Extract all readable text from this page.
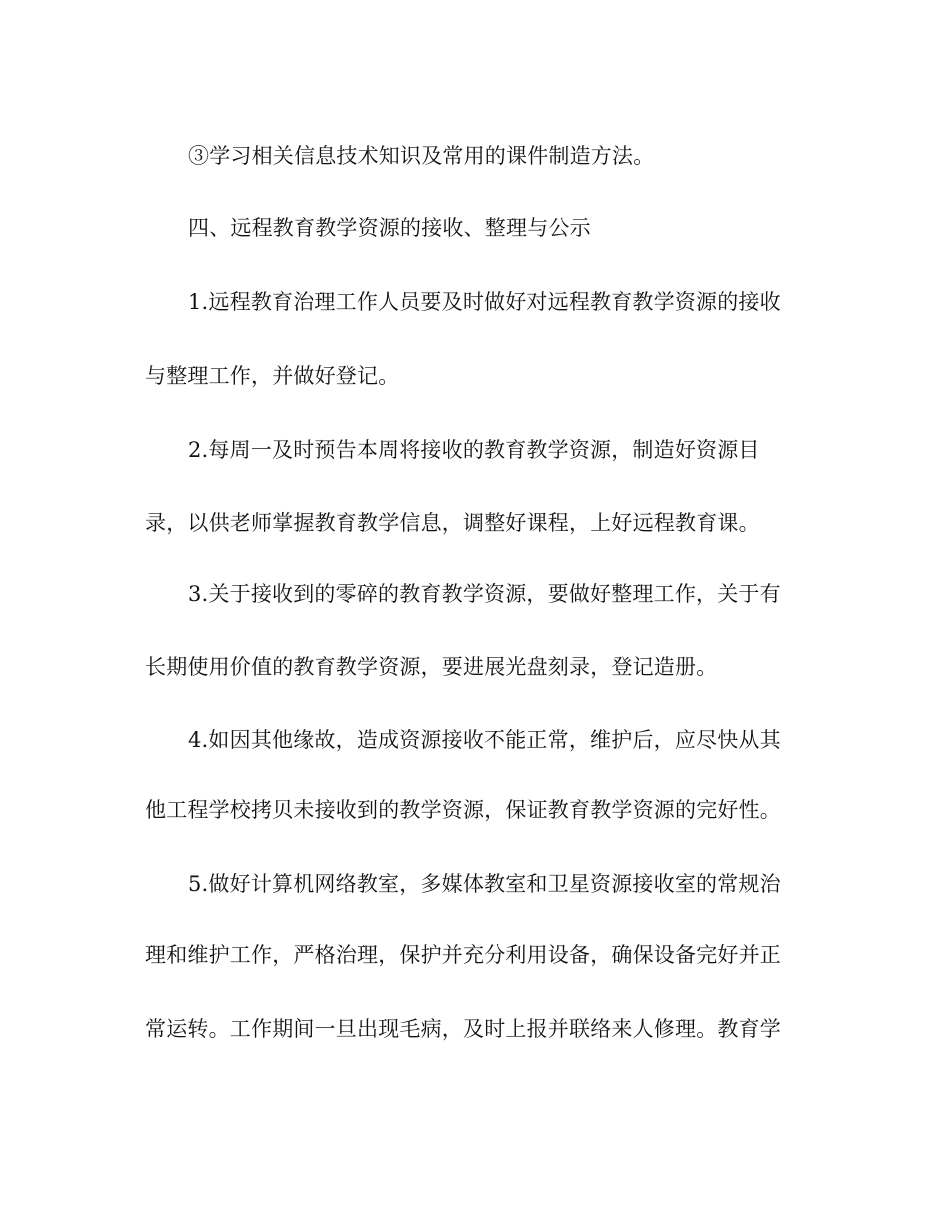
③学习相关信息技术知识及常用的课件制造方法。
四、远程教育教学资源的接收、整理与公示
1.远程教育治理工作人员要及时做好对远程教育教学资源的接收
与整理工作，并做好登记。
2.每周一及时预告本周将接收的教育教学资源，制造好资源目
录，以供老师掌握教育教学信息，调整好课程，上好远程教育课。
3.关于接收到的零碎的教育教学资源，要做好整理工作，关于有
长期使用价值的教育教学资源，要进展光盘刻录，登记造册。
4.如因其他缘故，造成资源接收不能正常，维护后，应尽快从其
他工程学校拷贝未接收到的教学资源，保证教育教学资源的完好性。
5.做好计算机网络教室，多媒体教室和卫星资源接收室的常规治
理和维护工作，严格治理，保护并充分利用设备，确保设备完好并正
常运转。工作期间一旦出现毛病，及时上报并联络来人修理。教育学
